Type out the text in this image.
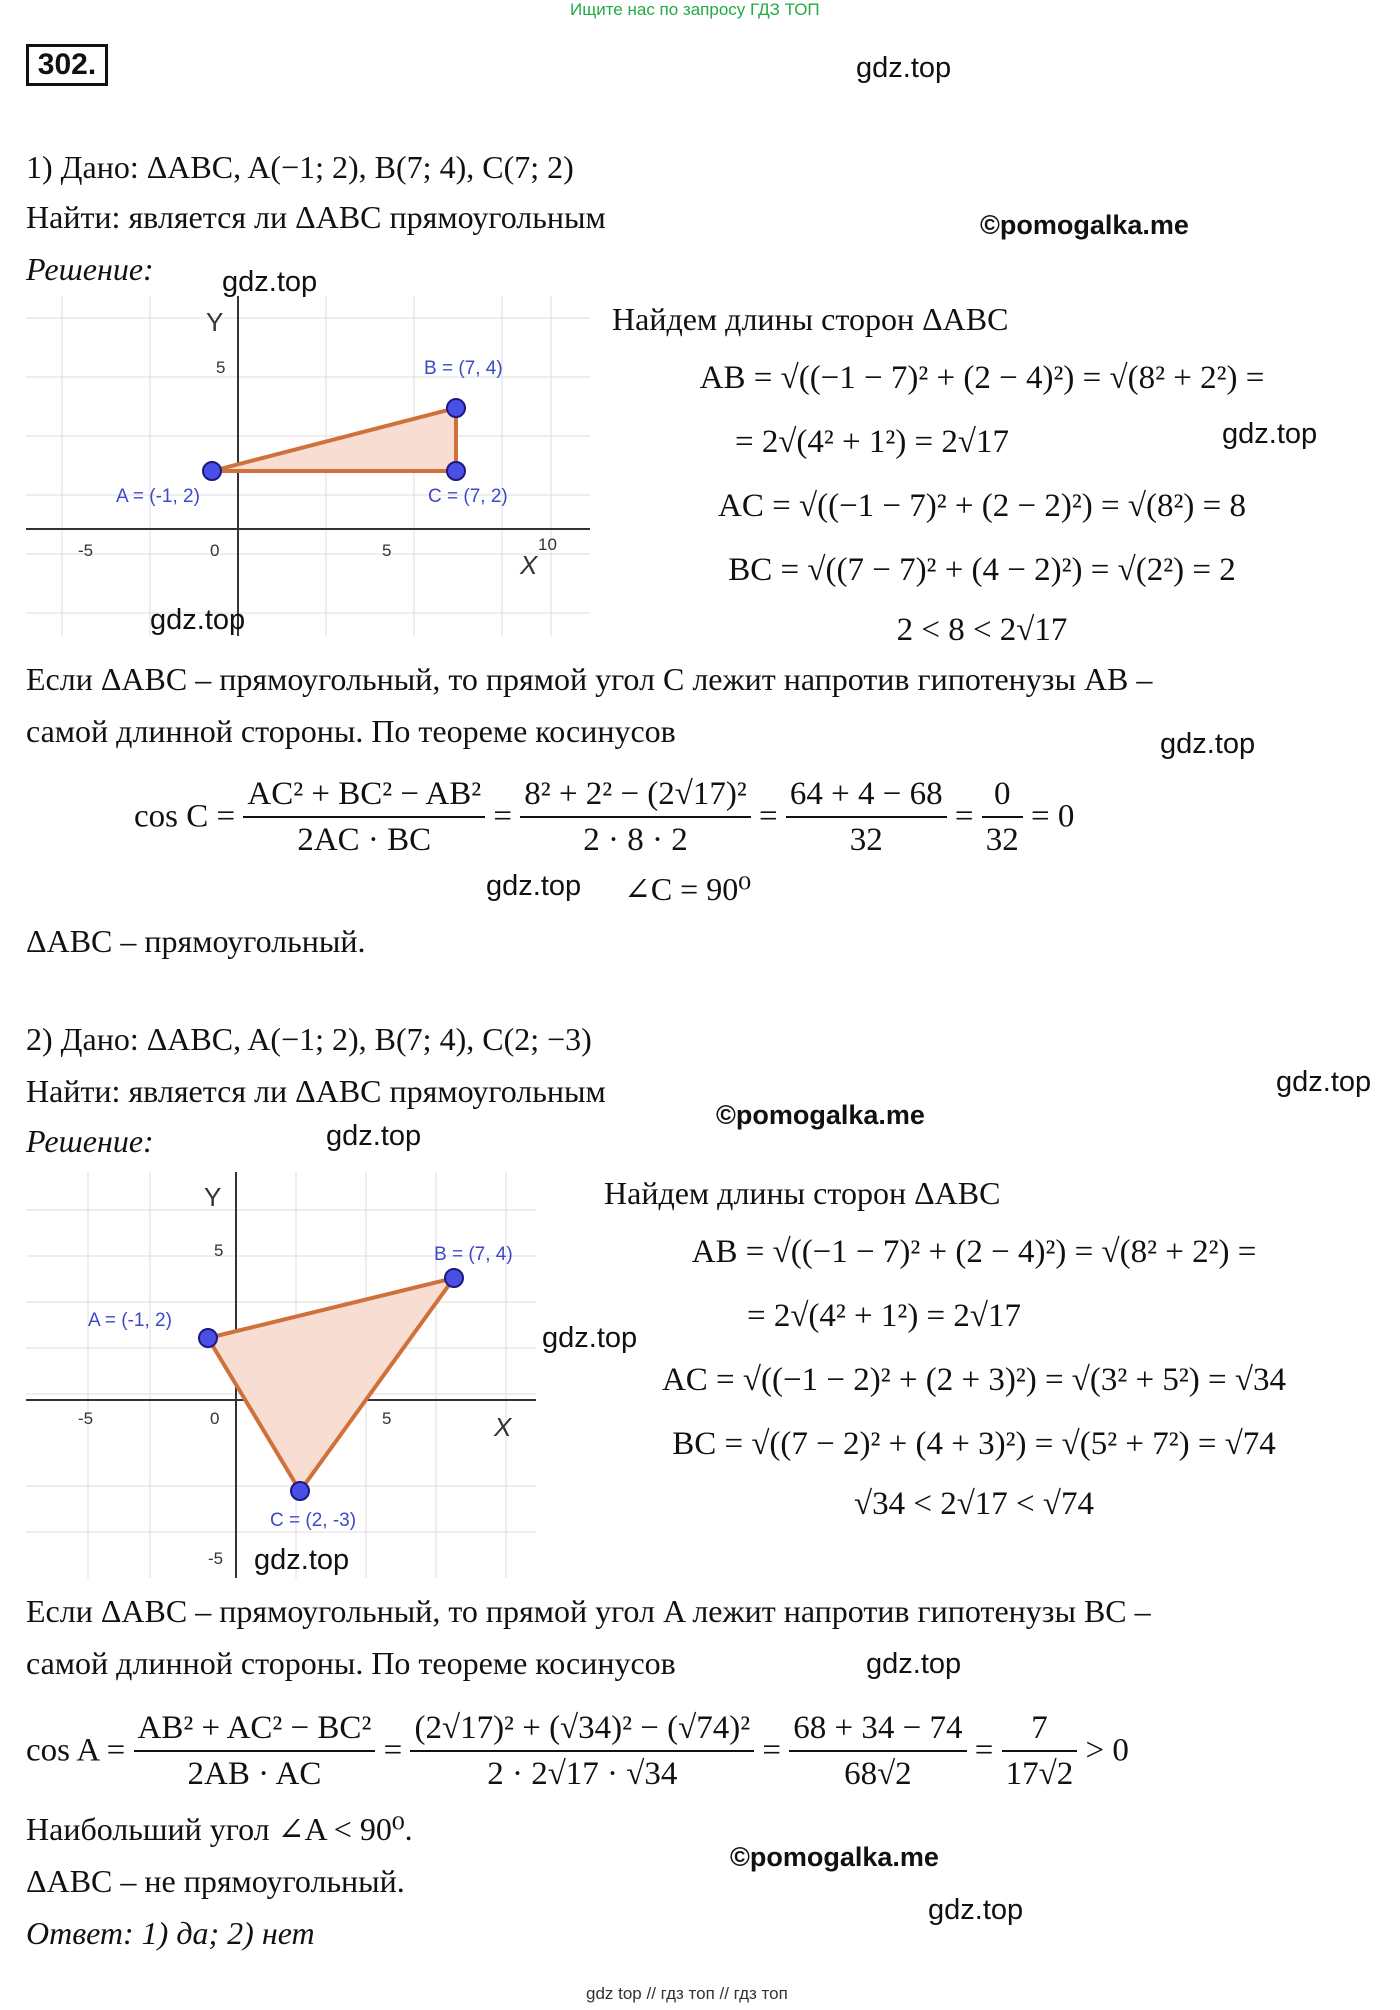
Ищите нас по запросу ГДЗ ТОП
302.	gdz.top
1) Дано: ΔABC, A(−1; 2), B(7; 4), C(7; 2)
Найти: является ли ΔABC прямоугольным	©pomogalka.me
Решение: gdz.top
Y
X
-5	0	5	10
5
A = (-1, 2)
B = (7, 4)
C = (7, 2)
gdz.top
Найдем длины сторон ΔABC
AB = √((−1 − 7)² + (2 − 4)²) = √(8² + 2²) =
= 2√(4² + 1²) = 2√17	gdz.top
AC = √((−1 − 7)² + (2 − 2)²) = √(8²) = 8
BC = √((7 − 7)² + (4 − 2)²) = √(2²) = 2
2 < 8 < 2√17
Если ΔABC – прямоугольный, то прямой угол C лежит напротив гипотенузы AB –
самой длинной стороны. По теореме косинусов	gdz.top
$\cos C = \frac{\text{AC² + BC² − AB²}}{2AC \cdot BC} = \frac{\text{8² + 2² − (2√17)²}}{2 \cdot 8 \cdot 2} = \frac{64 + 4 - 68}{32} = \frac{0}{32} = 0$
gdz.top ∠C = 90⁰
ΔABC – прямоугольный.
2) Дано: ΔABC, A(−1; 2), B(7; 4), C(2; −3)
gdz.top
Найти: является ли ΔABC прямоугольным
©pomogalka.me
Решение:	gdz.top
Y
X
-5	0	5
5
-5
A = (-1, 2)
B = (7, 4)
C = (2, -3)
gdz.top
Найдем длины сторон ΔABC
AB = √((−1 − 7)² + (2 − 4)²) = √(8² + 2²) =
= 2√(4² + 1²) = 2√17
gdz.top
AC = √((−1 − 2)² + (2 + 3)²) = √(3² + 5²) = √34
BC = √((7 − 2)² + (4 + 3)²) = √(5² + 7²) = √74
√34 < 2√17 < √74
Если ΔABC – прямоугольный, то прямой угол A лежит напротив гипотенузы BC –
самой длинной стороны. По теореме косинусов	gdz.top
$\cos A = \frac{\text{AB² + AC² − BC²}}{2AB \cdot AC} = \frac{\text{(2√17)² + (√34)² − (√74)²}}{2 \cdot 2√17 \cdot √34} = \frac{68 + 34 - 74}{68√2} = \frac{7}{17√2} > 0$
Наибольший угол ∠A < 90⁰.
©pomogalka.me
ΔABC – не прямоугольный.
Ответ: 1) да; 2) нет
gdz.top
gdz top // гдз топ // гдз топ
